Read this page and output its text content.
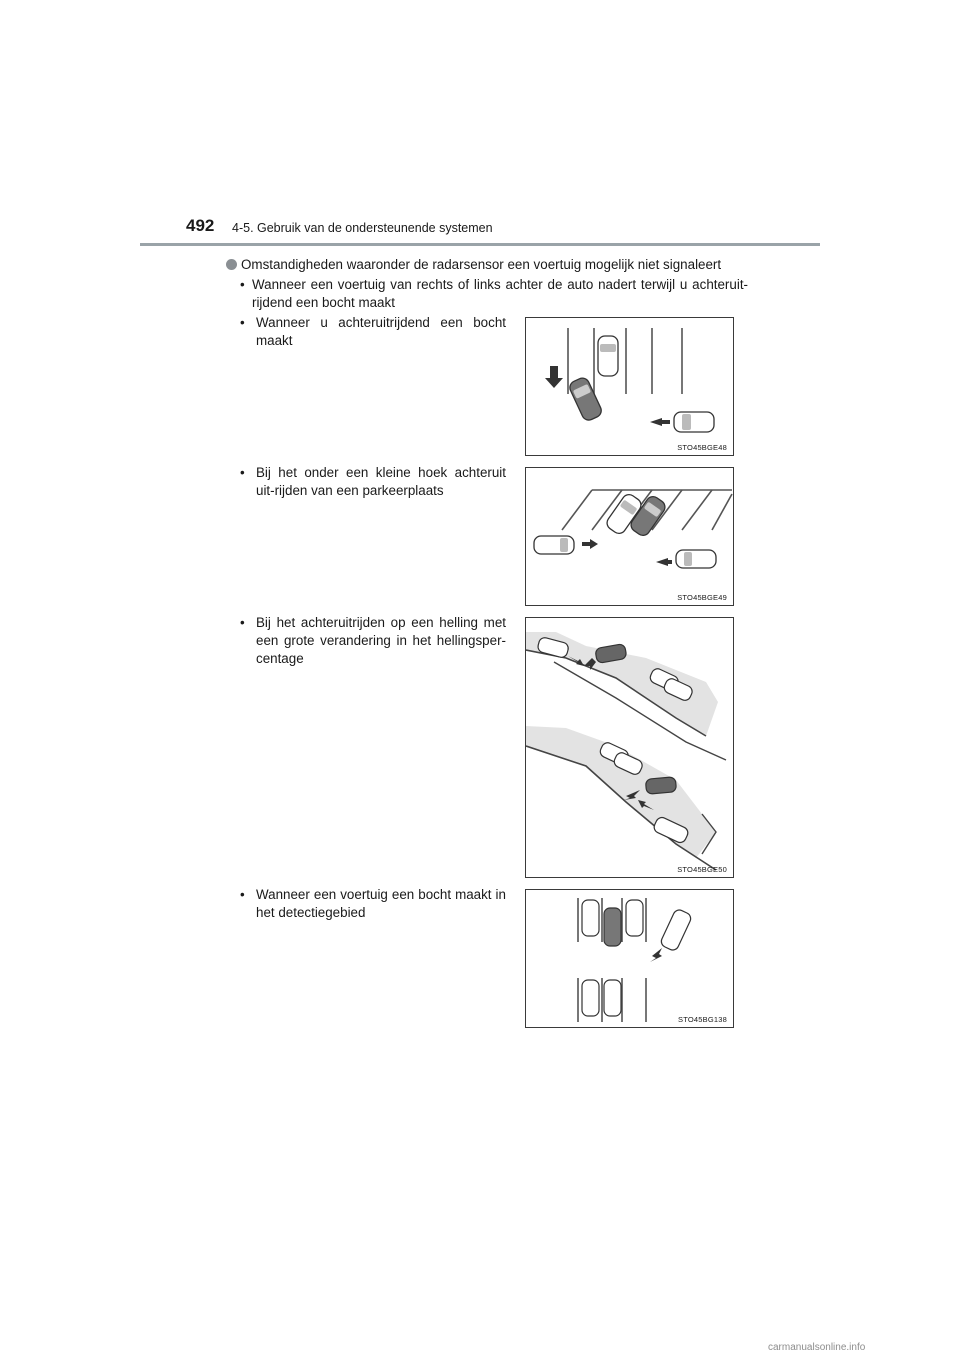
492 4-5. Gebruik van de ondersteunende systemen
Omstandigheden waaronder de radarsensor een voertuig mogelijk niet signaleert
• Wanneer een voertuig van rechts of links achter de auto nadert terwijl u achteruit-rijdend een bocht maakt
• Wanneer u achteruitrijdend een bocht maakt
STO45BGE48
• Bij het onder een kleine hoek achteruit uit-rijden van een parkeerplaats
STO45BGE49
• Bij het achteruitrijden op een helling met een grote verandering in het hellingsper-centage
STO45BGE50
• Wanneer een voertuig een bocht maakt in het detectiegebied
STO45BG138
carmanualsonline.info
